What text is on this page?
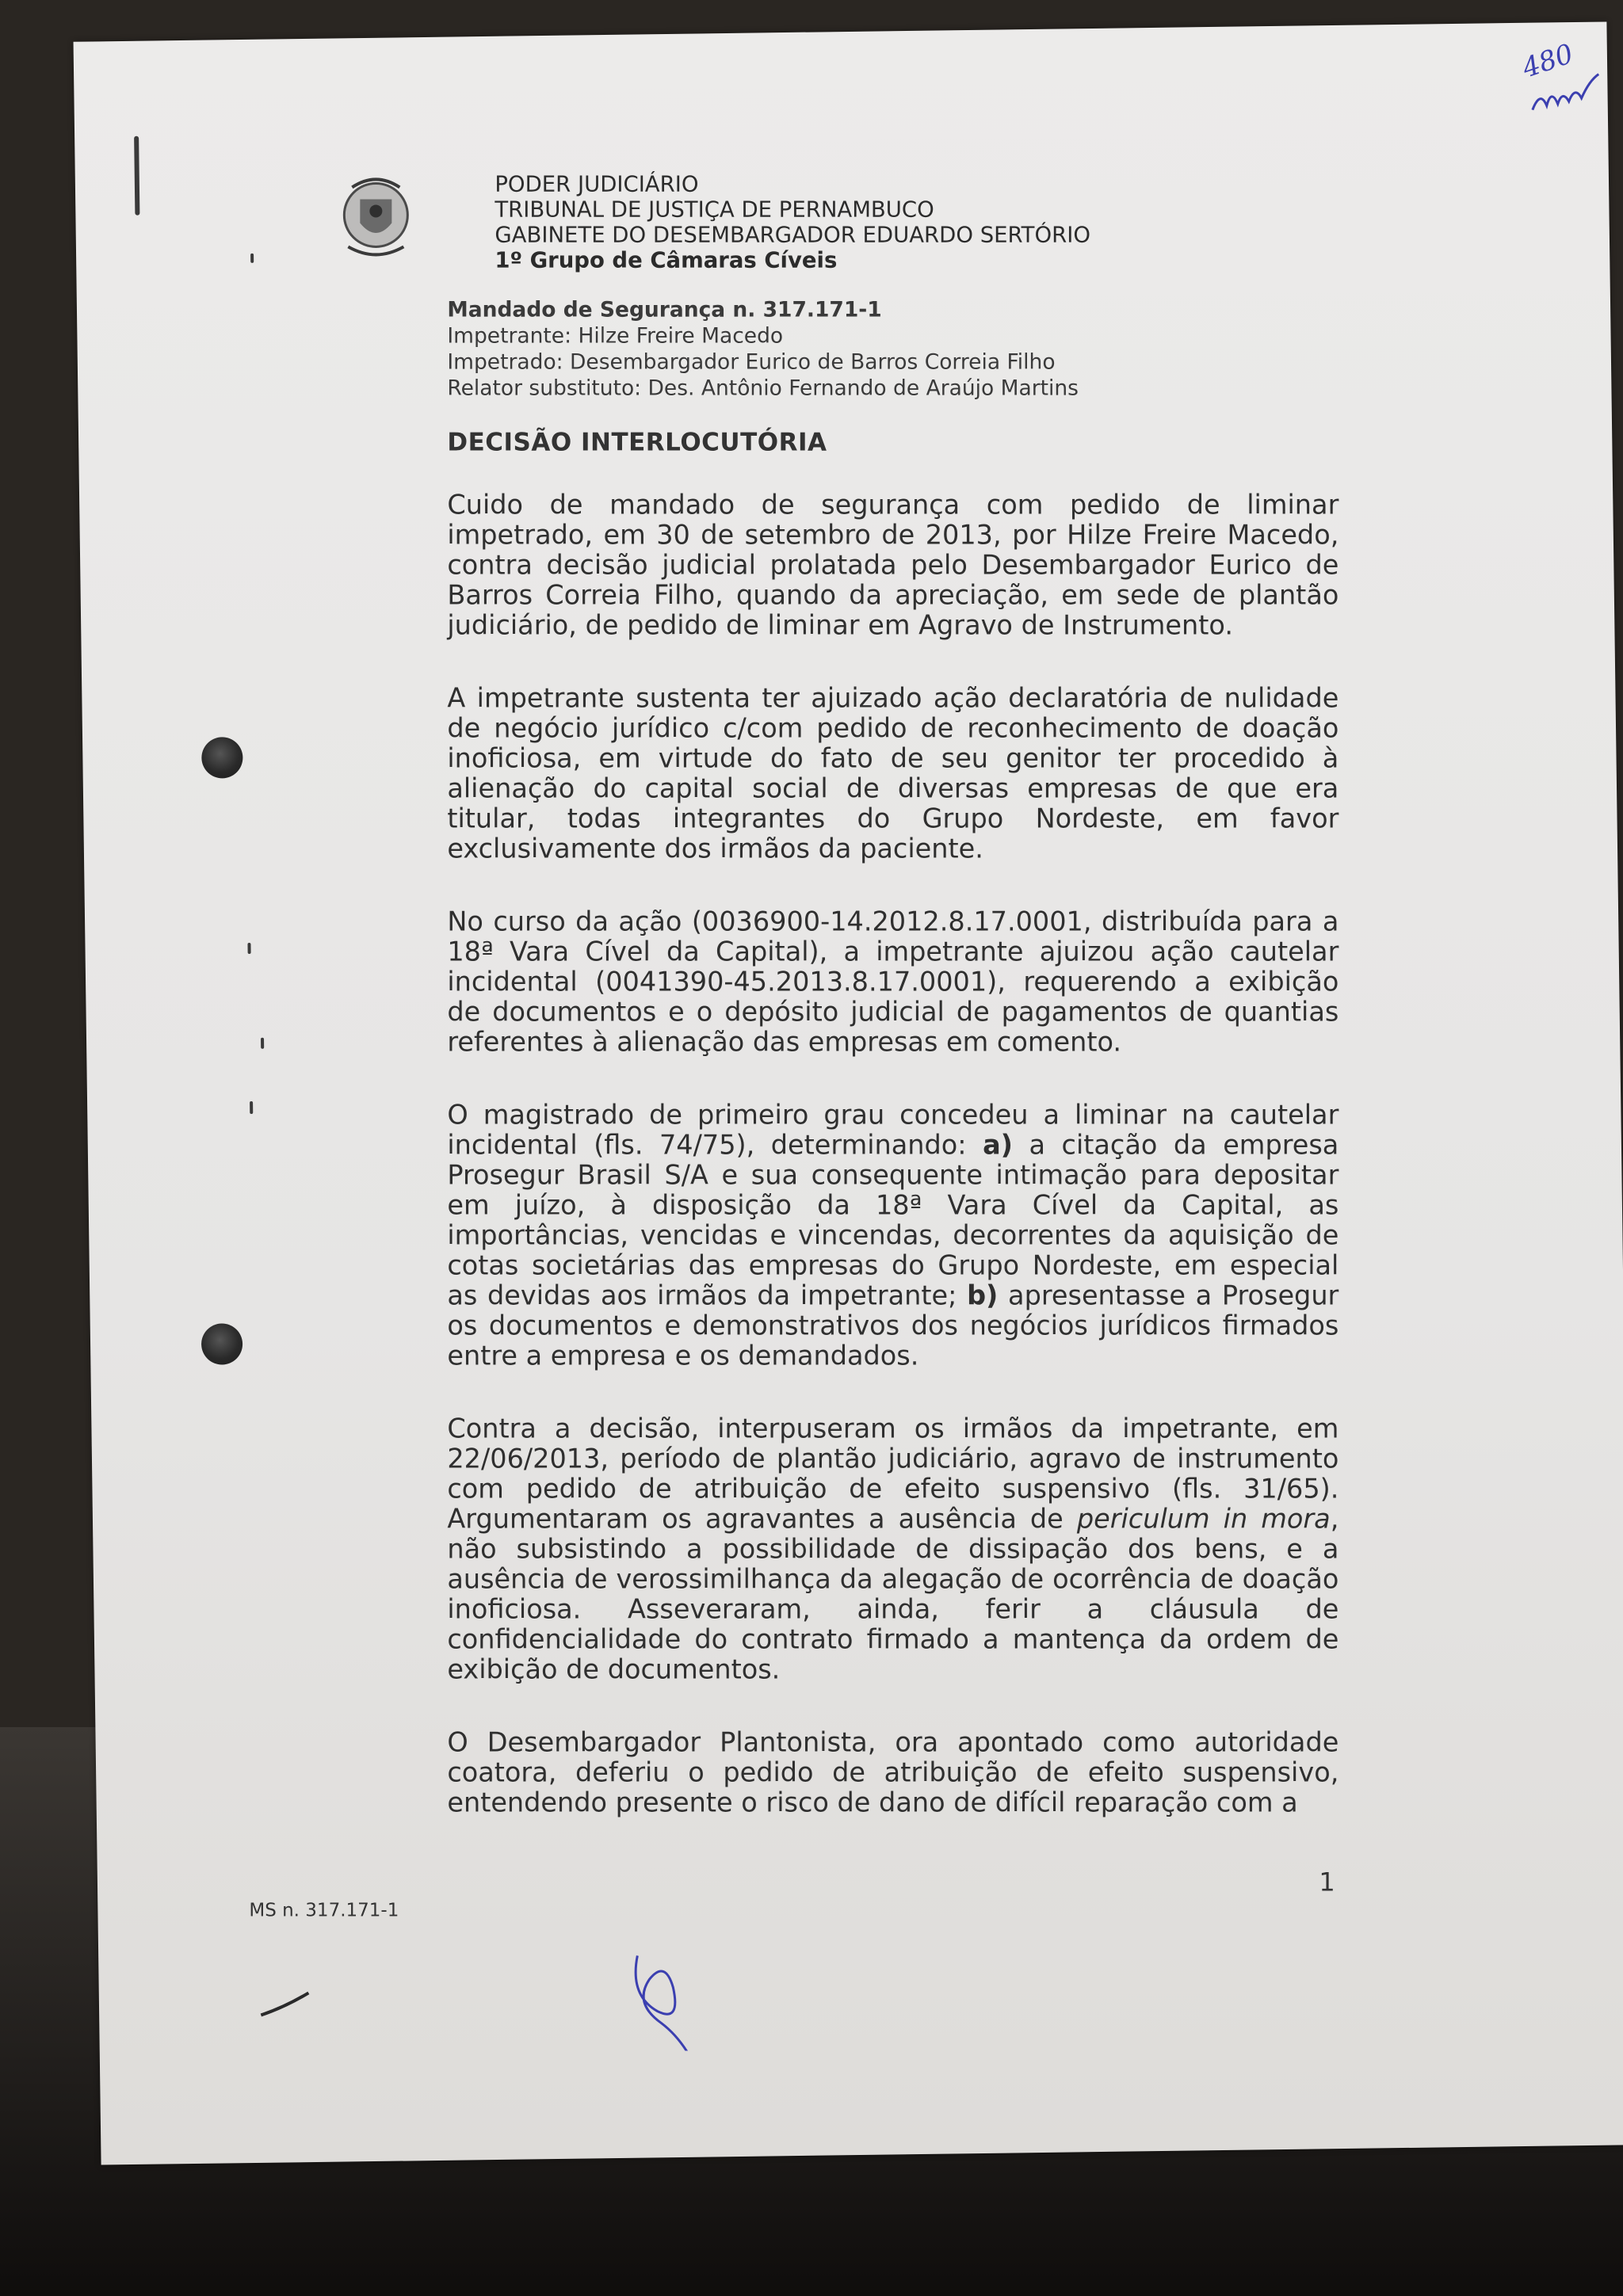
480
PODER JUDICIÁRIO
TRIBUNAL DE JUSTIÇA DE PERNAMBUCO
GABINETE DO DESEMBARGADOR EDUARDO SERTÓRIO
1º Grupo de Câmaras Cíveis
Mandado de Segurança n. 317.171-1
Impetrante: Hilze Freire Macedo
Impetrado: Desembargador Eurico de Barros Correia Filho
Relator substituto: Des. Antônio Fernando de Araújo Martins
DECISÃO INTERLOCUTÓRIA

Cuido de mandado de segurança com pedido de liminar impetrado, em 30 de setembro de 2013, por Hilze Freire Macedo, contra decisão judicial prolatada pelo Desembargador Eurico de Barros Correia Filho, quando da apreciação, em sede de plantão judiciário, de pedido de liminar em Agravo de Instrumento.

A impetrante sustenta ter ajuizado ação declaratória de nulidade de negócio jurídico c/com pedido de reconhecimento de doação inoficiosa, em virtude do fato de seu genitor ter procedido à alienação do capital social de diversas empresas de que era titular, todas integrantes do Grupo Nordeste, em favor exclusivamente dos irmãos da paciente.

No curso da ação (0036900-14.2012.8.17.0001, distribuída para a 18ª Vara Cível da Capital), a impetrante ajuizou ação cautelar incidental (0041390-45.2013.8.17.0001), requerendo a exibição de documentos e o depósito judicial de pagamentos de quantias referentes à alienação das empresas em comento.

O magistrado de primeiro grau concedeu a liminar na cautelar incidental (fls. 74/75), determinando: a) a citação da empresa Prosegur Brasil S/A e sua consequente intimação para depositar em juízo, à disposição da 18ª Vara Cível da Capital, as importâncias, vencidas e vincendas, decorrentes da aquisição de cotas societárias das empresas do Grupo Nordeste, em especial as devidas aos irmãos da impetrante; b) apresentasse a Prosegur os documentos e demonstrativos dos negócios jurídicos firmados entre a empresa e os demandados.

Contra a decisão, interpuseram os irmãos da impetrante, em 22/06/2013, período de plantão judiciário, agravo de instrumento com pedido de atribuição de efeito suspensivo (fls. 31/65). Argumentaram os agravantes a ausência de periculum in mora, não subsistindo a possibilidade de dissipação dos bens, e a ausência de verossimilhança da alegação de ocorrência de doação inoficiosa. Asseveraram, ainda, ferir a cláusula de confidencialidade do contrato firmado a mantença da ordem de exibição de documentos.

O Desembargador Plantonista, ora apontado como autoridade coatora, deferiu o pedido de atribuição de efeito suspensivo, entendendo presente o risco de dano de difícil reparação com a

1
MS n. 317.171-1
